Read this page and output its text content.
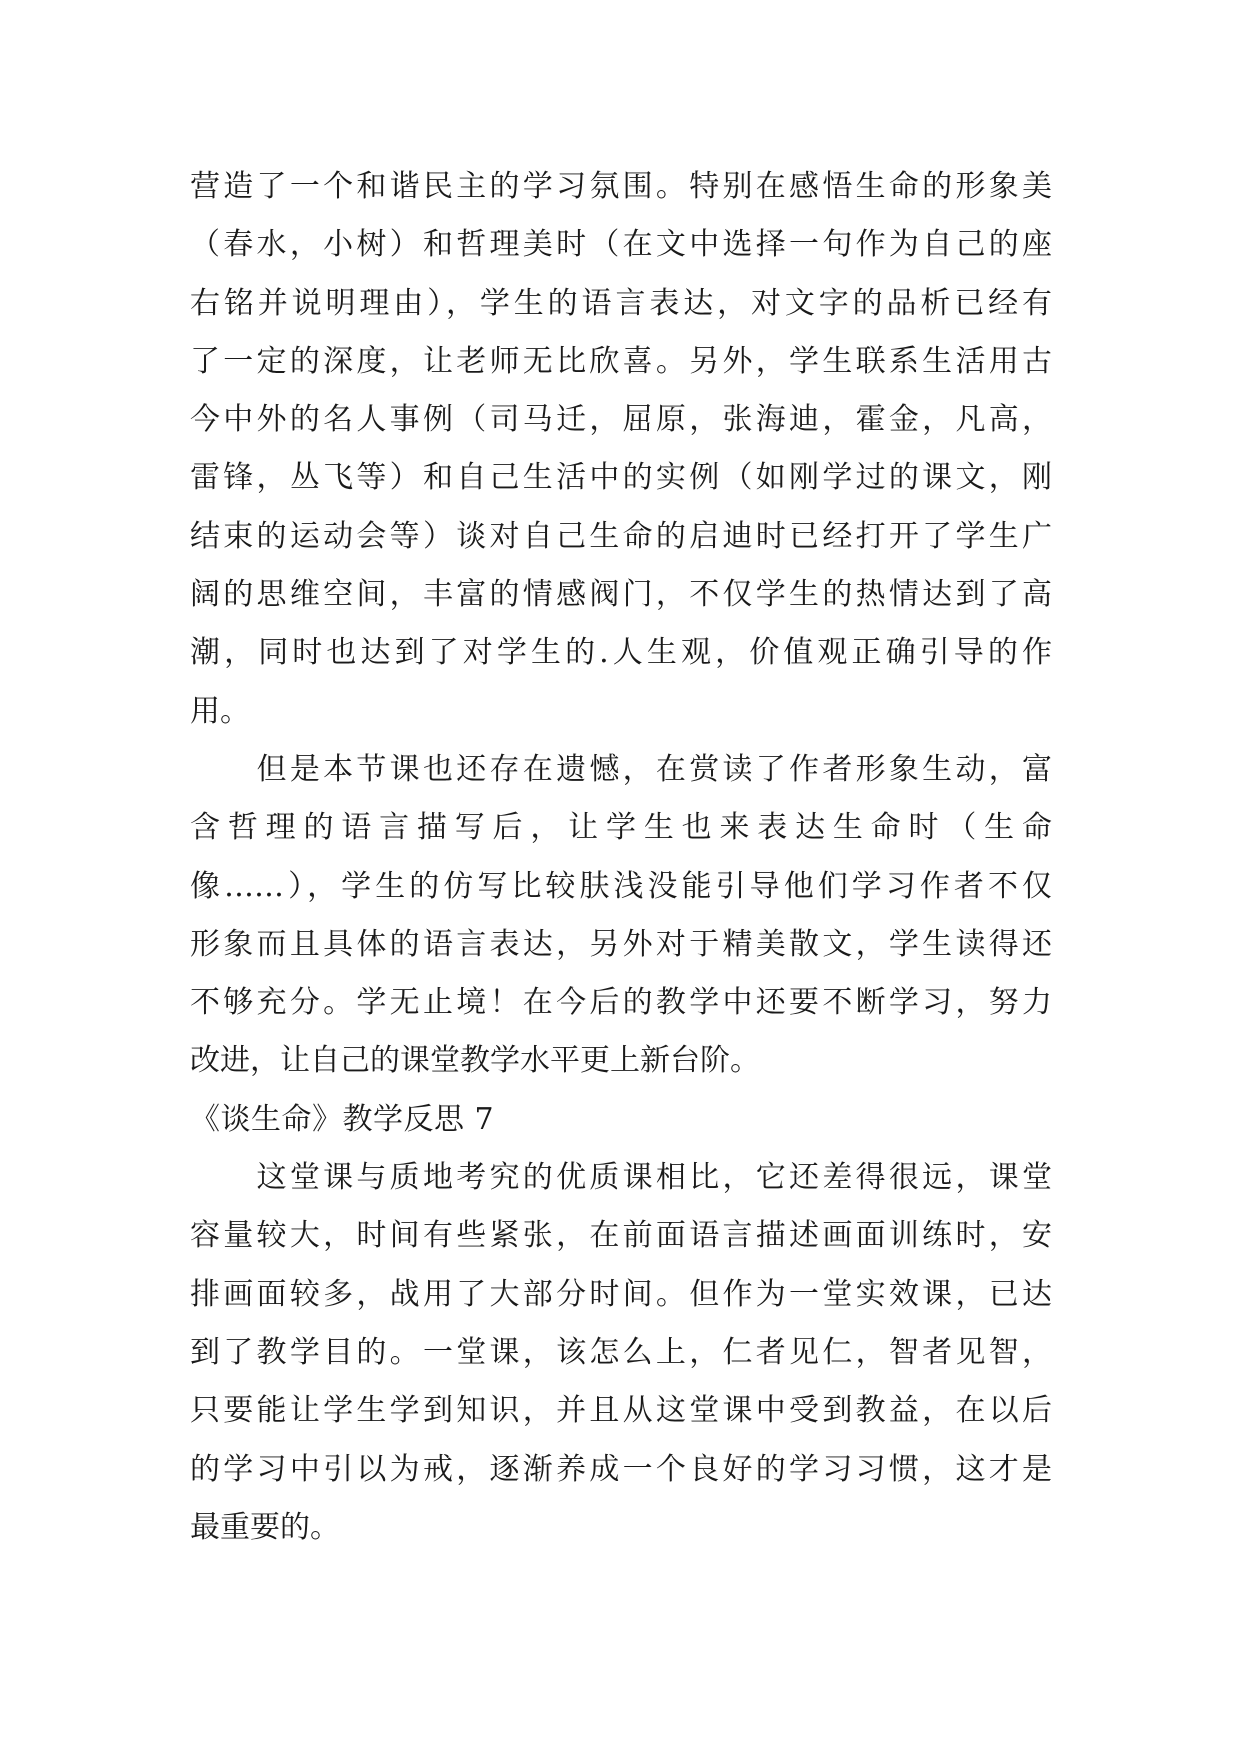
营造了一个和谐民主的学习氛围。特别在感悟生命的形象美
（春水，小树）和哲理美时（在文中选择一句作为自己的座
右铭并说明理由），学生的语言表达，对文字的品析已经有
了一定的深度，让老师无比欣喜。另外，学生联系生活用古
今中外的名人事例（司马迁，屈原，张海迪，霍金，凡高，
雷锋，丛飞等）和自己生活中的实例（如刚学过的课文，刚
结束的运动会等）谈对自己生命的启迪时已经打开了学生广
阔的思维空间，丰富的情感阀门，不仅学生的热情达到了高
潮，同时也达到了对学生的.人生观，价值观正确引导的作
用。
　　但是本节课也还存在遗憾，在赏读了作者形象生动，富
含哲理的语言描写后，让学生也来表达生命时（生命
像……），学生的仿写比较肤浅没能引导他们学习作者不仅
形象而且具体的语言表达，另外对于精美散文，学生读得还
不够充分。学无止境！在今后的教学中还要不断学习，努力
改进，让自己的课堂教学水平更上新台阶。
《谈生命》教学反思 7
　　这堂课与质地考究的优质课相比，它还差得很远，课堂
容量较大，时间有些紧张，在前面语言描述画面训练时，安
排画面较多，战用了大部分时间。但作为一堂实效课，已达
到了教学目的。一堂课，该怎么上，仁者见仁，智者见智，
只要能让学生学到知识，并且从这堂课中受到教益，在以后
的学习中引以为戒，逐渐养成一个良好的学习习惯，这才是
最重要的。
